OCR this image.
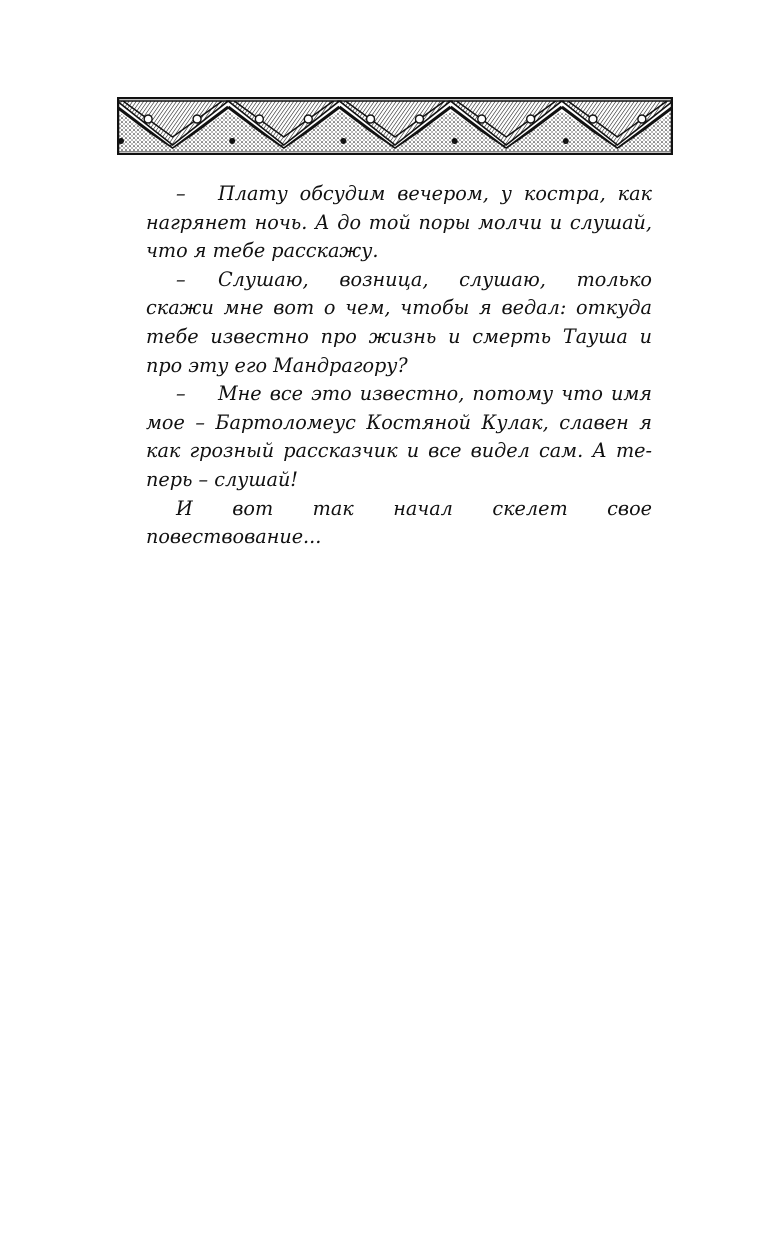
– Плату обсудим вечером, у костра, как нагрянет ночь. А до той поры молчи и слушай, что я тебе расскажу.

– Слушаю, возница, слушаю, только скажи мне вот о чем, чтобы я ведал: откуда тебе известно про жизнь и смерть Тауша и про эту его Мандрагору?

– Мне все это известно, потому что имя мое – Бартоломеус Костяной Кулак, славен я как грозный рассказчик и все видел сам. А теперь – слушай!

И вот так начал скелет свое повествование...
